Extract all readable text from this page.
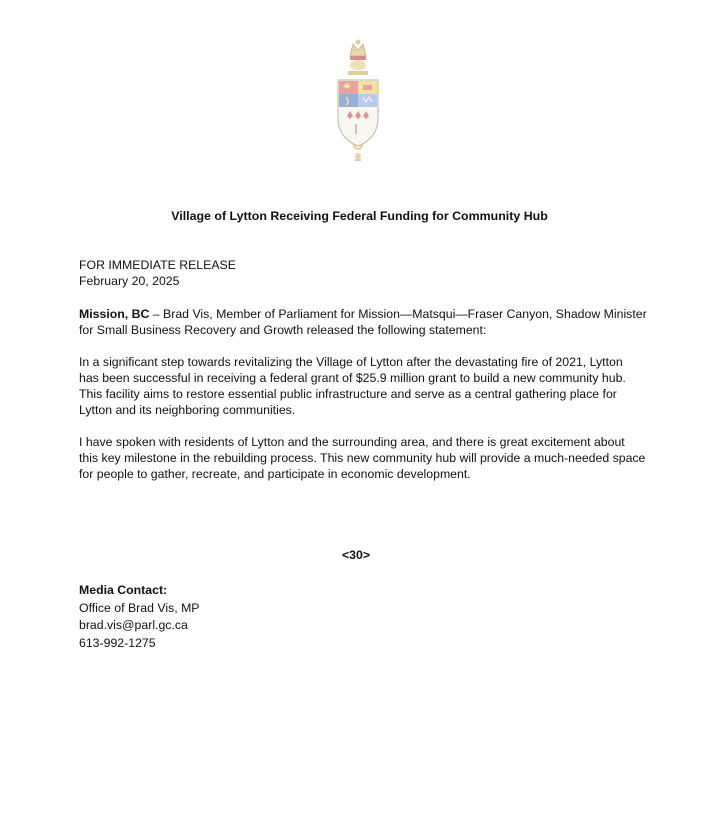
Village of Lytton Receiving Federal Funding for Community Hub
FOR IMMEDIATE RELEASE
February 20, 2025
Mission, BC – Brad Vis, Member of Parliament for Mission—Matsqui—Fraser Canyon, Shadow Minister
for Small Business Recovery and Growth released the following statement:
In a significant step towards revitalizing the Village of Lytton after the devastating fire of 2021, Lytton
has been successful in receiving a federal grant of $25.9 million grant to build a new community hub.
This facility aims to restore essential public infrastructure and serve as a central gathering place for
Lytton and its neighboring communities.
I have spoken with residents of Lytton and the surrounding area, and there is great excitement about
this key milestone in the rebuilding process. This new community hub will provide a much-needed space
for people to gather, recreate, and participate in economic development.
<30>
Media Contact:
Office of Brad Vis, MP
brad.vis@parl.gc.ca
613-992-1275
